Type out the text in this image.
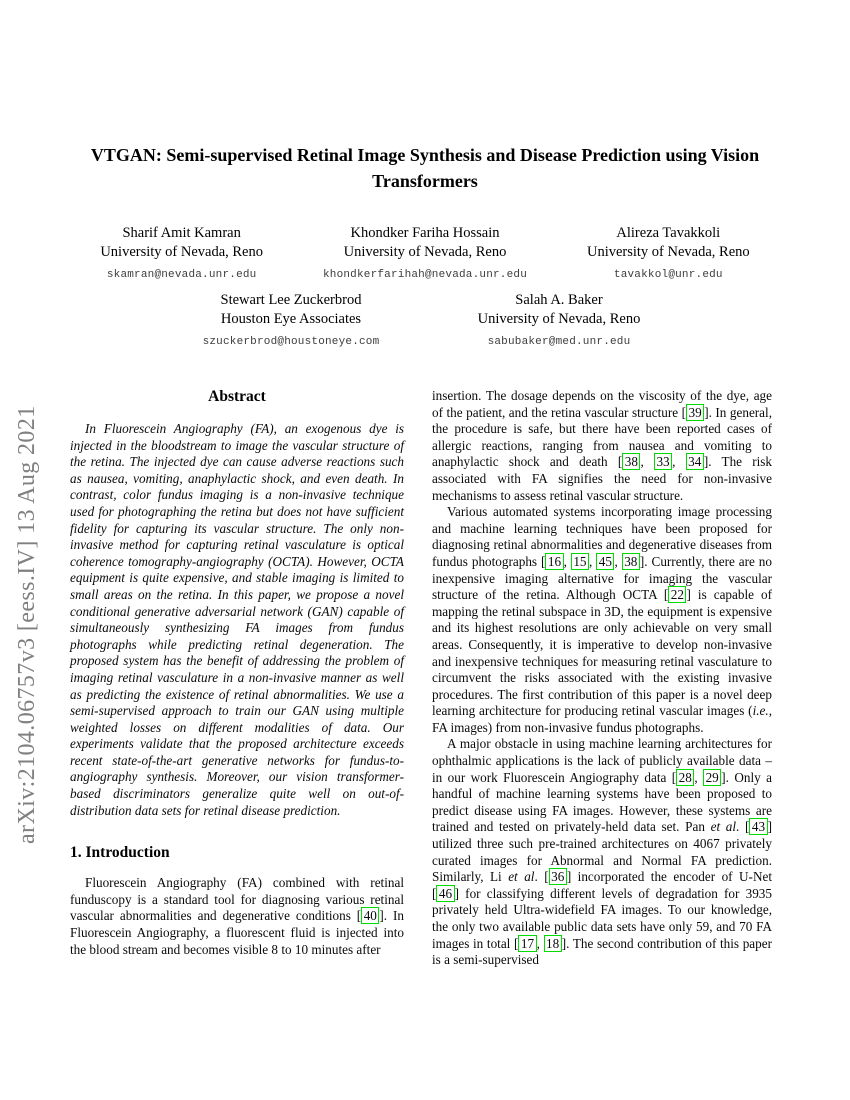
arXiv:2104.06757v3 [eess.IV] 13 Aug 2021
VTGAN: Semi-supervised Retinal Image Synthesis and Disease Prediction using Vision Transformers
Sharif Amit Kamran
University of Nevada, Reno
skamran@nevada.unr.edu
Khondker Fariha Hossain
University of Nevada, Reno
khondkerfarihah@nevada.unr.edu
Alireza Tavakkoli
University of Nevada, Reno
tavakkol@unr.edu
Stewart Lee Zuckerbrod
Houston Eye Associates
szuckerbrod@houstoneye.com
Salah A. Baker
University of Nevada, Reno
sabubaker@med.unr.edu
Abstract

In Fluorescein Angiography (FA), an exogenous dye is injected in the bloodstream to image the vascular structure of the retina. The injected dye can cause adverse reactions such as nausea, vomiting, anaphylactic shock, and even death. In contrast, color fundus imaging is a non-invasive technique used for photographing the retina but does not have sufficient fidelity for capturing its vascular structure. The only non-invasive method for capturing retinal vasculature is optical coherence tomography-angiography (OCTA). However, OCTA equipment is quite expensive, and stable imaging is limited to small areas on the retina. In this paper, we propose a novel conditional generative adversarial network (GAN) capable of simultaneously synthesizing FA images from fundus photographs while predicting retinal degeneration. The proposed system has the benefit of addressing the problem of imaging retinal vasculature in a non-invasive manner as well as predicting the existence of retinal abnormalities. We use a semi-supervised approach to train our GAN using multiple weighted losses on different modalities of data. Our experiments validate that the proposed architecture exceeds recent state-of-the-art generative networks for fundus-to-angiography synthesis. Moreover, our vision transformer-based discriminators generalize quite well on out-of-distribution data sets for retinal disease prediction.

1. Introduction

Fluorescein Angiography (FA) combined with retinal funduscopy is a standard tool for diagnosing various retinal vascular abnormalities and degenerative conditions [ 40 ]. In Fluorescein Angiography, a fluorescent fluid is injected into the blood stream and becomes visible 8 to 10 minutes after

insertion. The dosage depends on the viscosity of the dye, age of the patient, and the retina vascular structure [ 39 ]. In general, the procedure is safe, but there have been reported cases of allergic reactions, ranging from nausea and vomiting to anaphylactic shock and death [ 38 , 33 , 34 ]. The risk associated with FA signifies the need for non-invasive mechanisms to assess retinal vascular structure.

Various automated systems incorporating image processing and machine learning techniques have been proposed for diagnosing retinal abnormalities and degenerative diseases from fundus photographs [ 16 , 15 , 45 , 38 ]. Currently, there are no inexpensive imaging alternative for imaging the vascular structure of the retina. Although OCTA [ 22 ] is capable of mapping the retinal subspace in 3D, the equipment is expensive and its highest resolutions are only achievable on very small areas. Consequently, it is imperative to develop non-invasive and inexpensive techniques for measuring retinal vasculature to circumvent the risks associated with the existing invasive procedures. The first contribution of this paper is a novel deep learning architecture for producing retinal vascular images (i.e., FA images) from non-invasive fundus photographs.

A major obstacle in using machine learning architectures for ophthalmic applications is the lack of publicly available data – in our work Fluorescein Angiography data [ 28 , 29 ]. Only a handful of machine learning systems have been proposed to predict disease using FA images. However, these systems are trained and tested on privately-held data set. Pan et al. [ 43 ] utilized three such pre-trained architectures on 4067 privately curated images for Abnormal and Normal FA prediction. Similarly, Li et al. [ 36 ] incorporated the encoder of U-Net [ 46 ] for classifying different levels of degradation for 3935 privately held Ultra-widefield FA images. To our knowledge, the only two available public data sets have only 59, and 70 FA images in total [ 17 , 18 ]. The second contribution of this paper is a semi-supervised
